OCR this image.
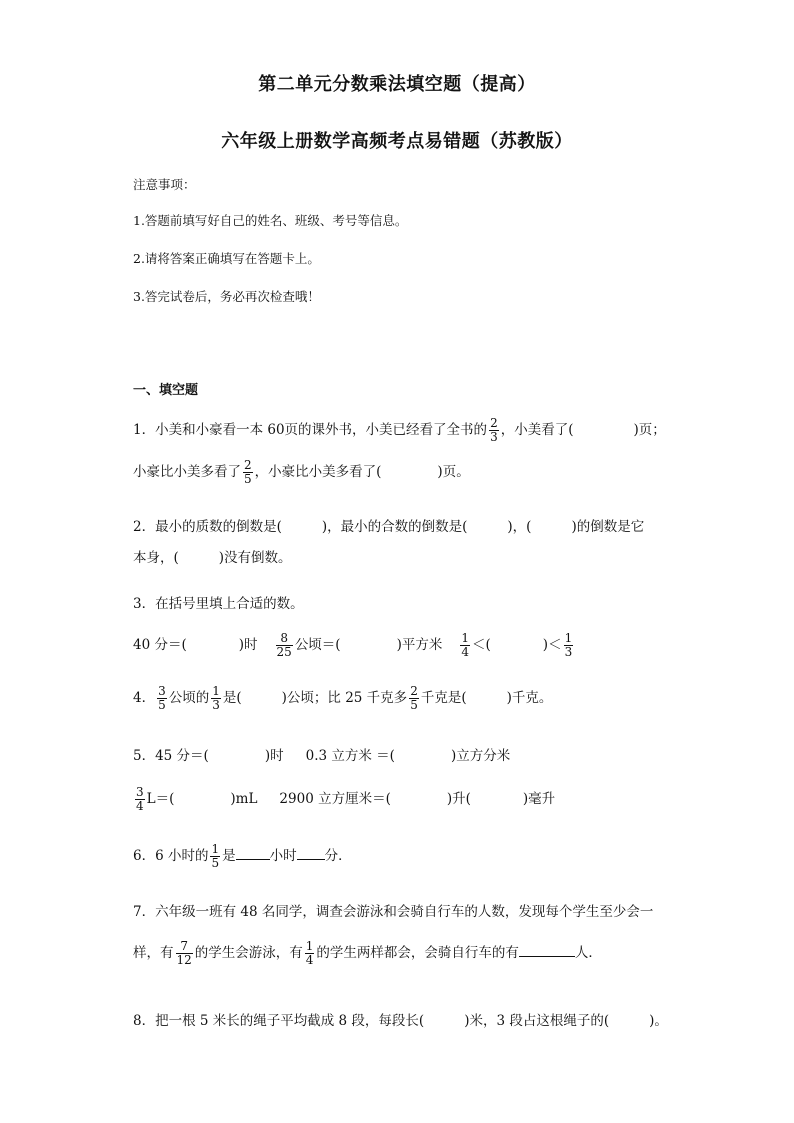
第二单元分数乘法填空题（提高）
六年级上册数学高频考点易错题（苏教版）
注意事项：
1.答题前填写好自己的姓名、班级、考号等信息。
2.请将答案正确填写在答题卡上。
3.答完试卷后，务必再次检查哦！
一、填空题
1．小美和小豪看一本 60页的课外书，小美已经看了全书的 $\frac{2}{3}$ ，小美看了(	)页；
小豪比小美多看了 $\frac{2}{5}$ ，小豪比小美多看了(	)页。
2．最小的质数的倒数是(	)，最小的合数的倒数是(	)，(	)的倒数是它
本身，(	)没有倒数。
3．在括号里填上合适的数。
40 分＝(	)时 $\frac{8}{25}$ 公顷＝(	)平方米 $\frac{1}{4}$ ＜(	)＜ $\frac{1}{3}$
4． $\frac{3}{5}$ 公顷的 $\frac{1}{3}$ 是(	)公顷；比 25 千克多 $\frac{2}{5}$ 千克是(	)千克。
5．45 分＝(	)时 0.3 立方米 ＝(	)立方分米
$\frac{3}{4} L=$(	)mL 2900 立方厘米＝(	)升(	)毫升
6．6 小时的 $\frac{1}{5}$ 是	小时 分．
7．六年级一班有 48 名同学，调查会游泳和会骑自行车的人数，发现每个学生至少会一
样，有 $\frac{7}{12}$ 的学生会游泳，有 $\frac{1}{4}$ 的学生两样都会，会骑自行车的有	人．
8．把一根 5 米长的绳子平均截成 8 段，每段长(	)米，3 段占这根绳子的(	)。
